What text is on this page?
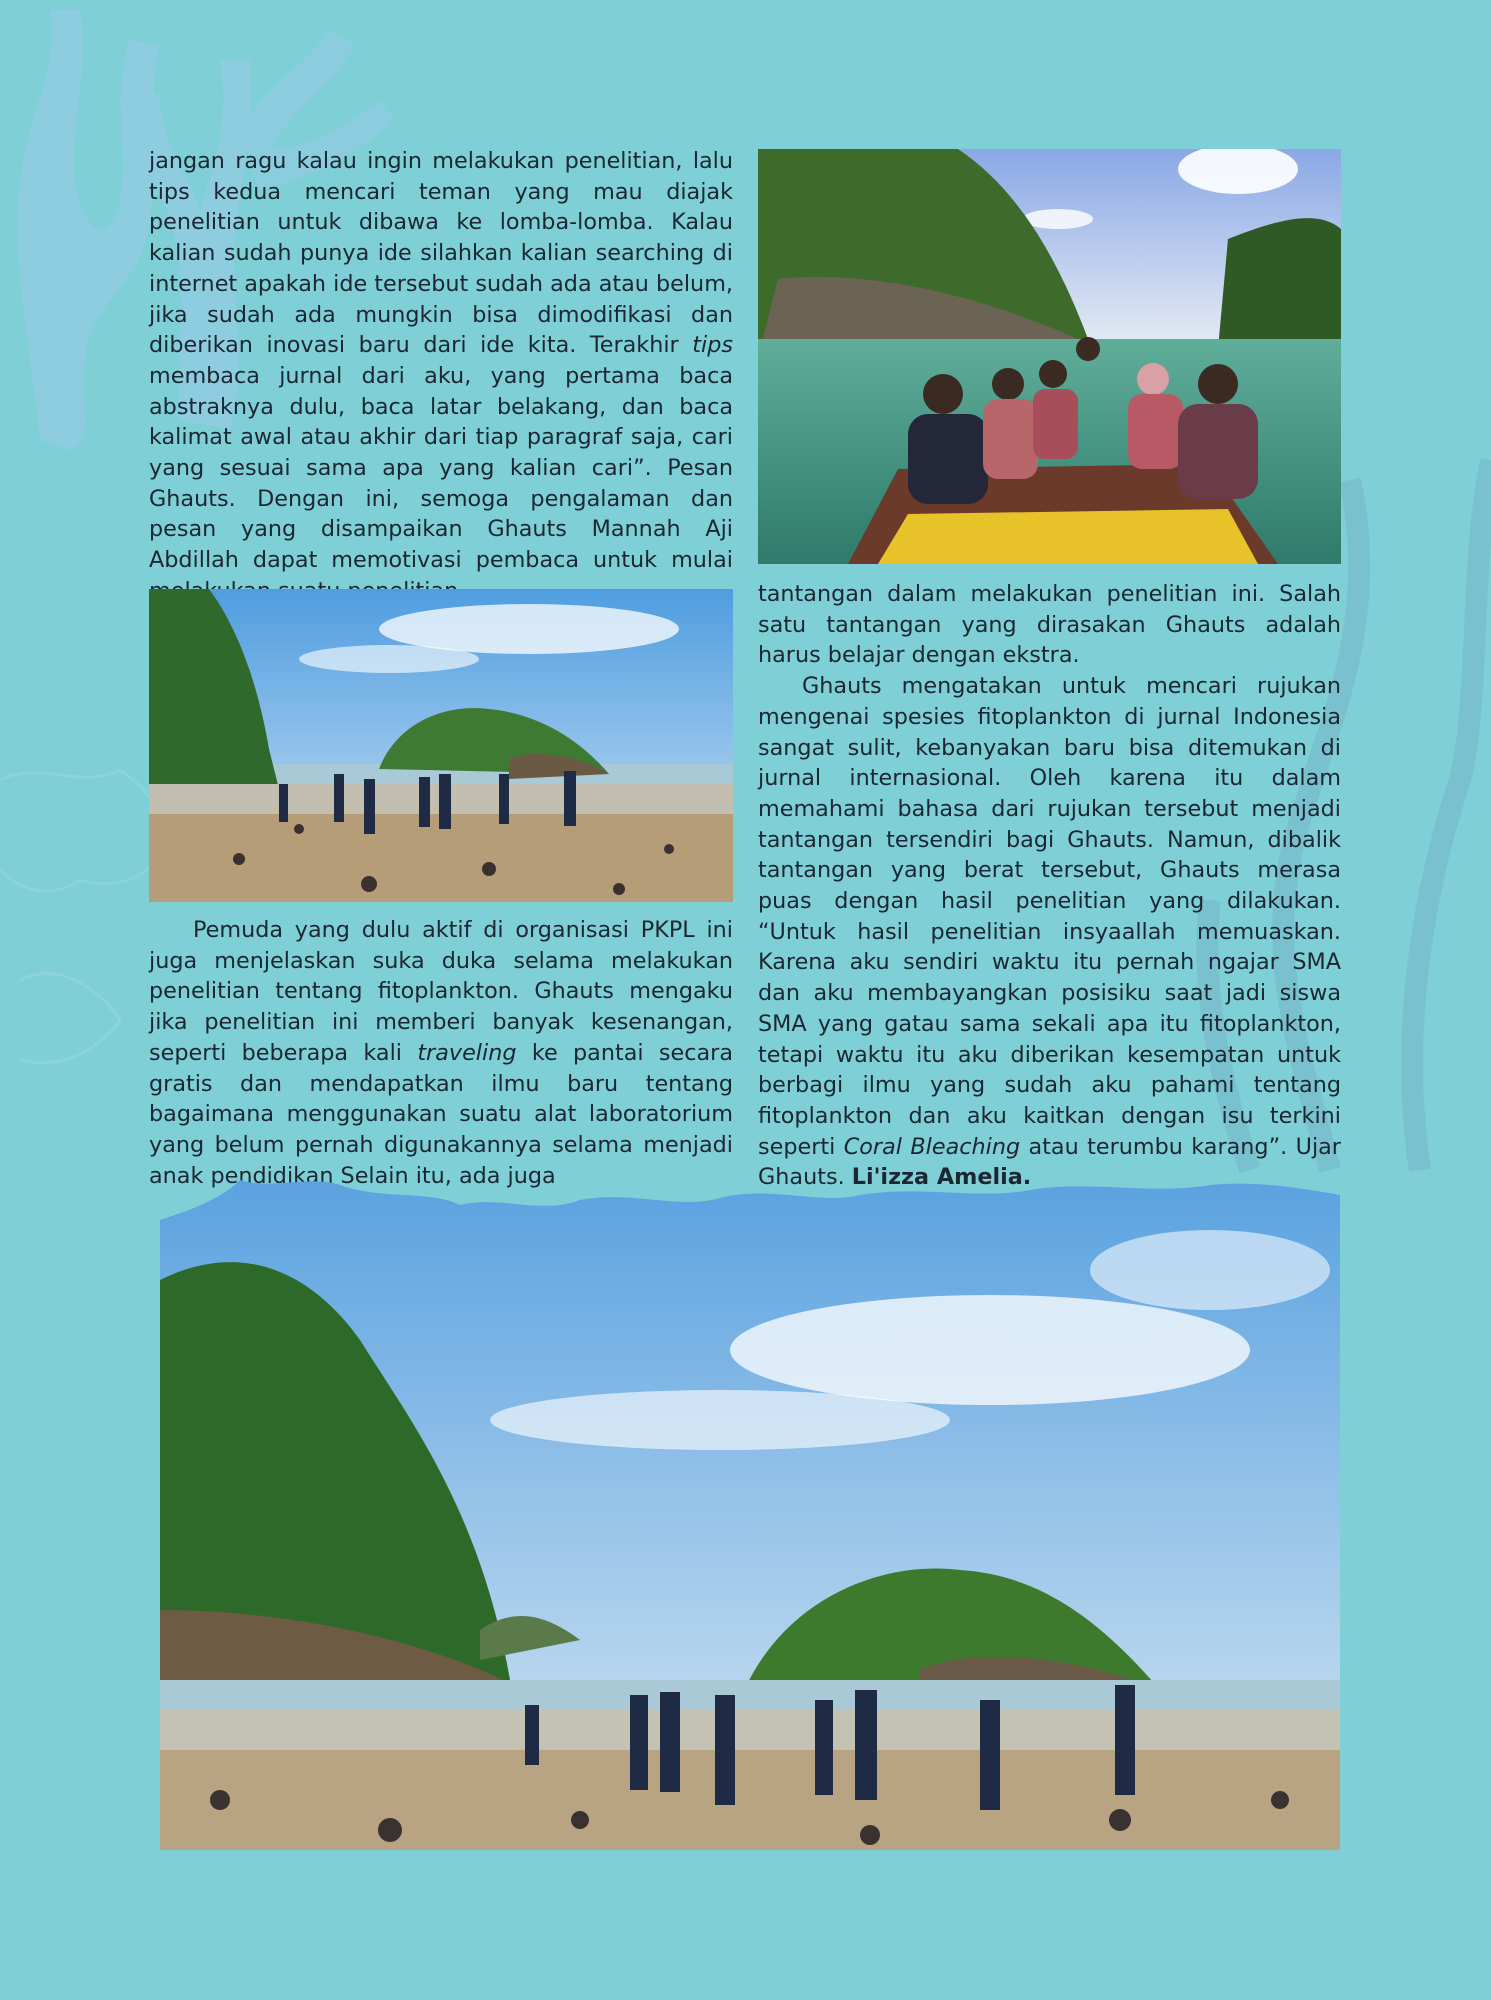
jangan ragu kalau ingin melakukan penelitian, lalu tips kedua mencari teman yang mau diajak penelitian untuk dibawa ke lomba-lomba. Kalau kalian sudah punya ide silahkan kalian searching di internet apakah ide tersebut sudah ada atau belum, jika sudah ada mungkin bisa dimodifikasi dan diberikan inovasi baru dari ide kita. Terakhir tips membaca jurnal dari aku, yang pertama baca abstraknya dulu, baca latar belakang, dan baca kalimat awal atau akhir dari tiap paragraf saja, cari yang sesuai sama apa yang kalian cari”. Pesan Ghauts. Dengan ini, semoga pengalaman dan pesan yang disampaikan Ghauts Mannah Aji Abdillah dapat memotivasi pembaca untuk mulai

Pemuda yang dulu aktif di organisasi PKPL ini juga menjelaskan suka duka selama melakukan penelitian tentang fitoplankton. Ghauts mengaku jika penelitian ini memberi banyak kesenangan, seperti beberapa kali traveling ke pantai secara gratis dan mendapatkan ilmu baru tentang bagaimana menggunakan suatu alat laboratorium yang belum pernah digunakannya selama menjadi anak pendidikan Selain itu, ada juga

tantangan dalam melakukan penelitian ini. Salah satu tantangan yang dirasakan Ghauts adalah harus belajar dengan ekstra.

Ghauts mengatakan untuk mencari rujukan mengenai spesies fitoplankton di jurnal Indonesia sangat sulit, kebanyakan baru bisa ditemukan di jurnal internasional. Oleh karena itu dalam memahami bahasa dari rujukan tersebut menjadi tantangan tersendiri bagi Ghauts. Namun, dibalik tantangan yang berat tersebut, Ghauts merasa puas dengan hasil penelitian yang dilakukan. “Untuk hasil penelitian insyaallah memuaskan. Karena aku sendiri waktu itu pernah ngajar SMA dan aku membayangkan posisiku saat jadi siswa SMA yang gatau sama sekali apa itu fitoplankton, tetapi waktu itu aku diberikan kesempatan untuk berbagi ilmu yang sudah aku pahami tentang fitoplankton dan aku kaitkan dengan isu terkini seperti Coral Bleaching atau terumbu karang”. Ujar Ghauts. Li'izza Amelia.
